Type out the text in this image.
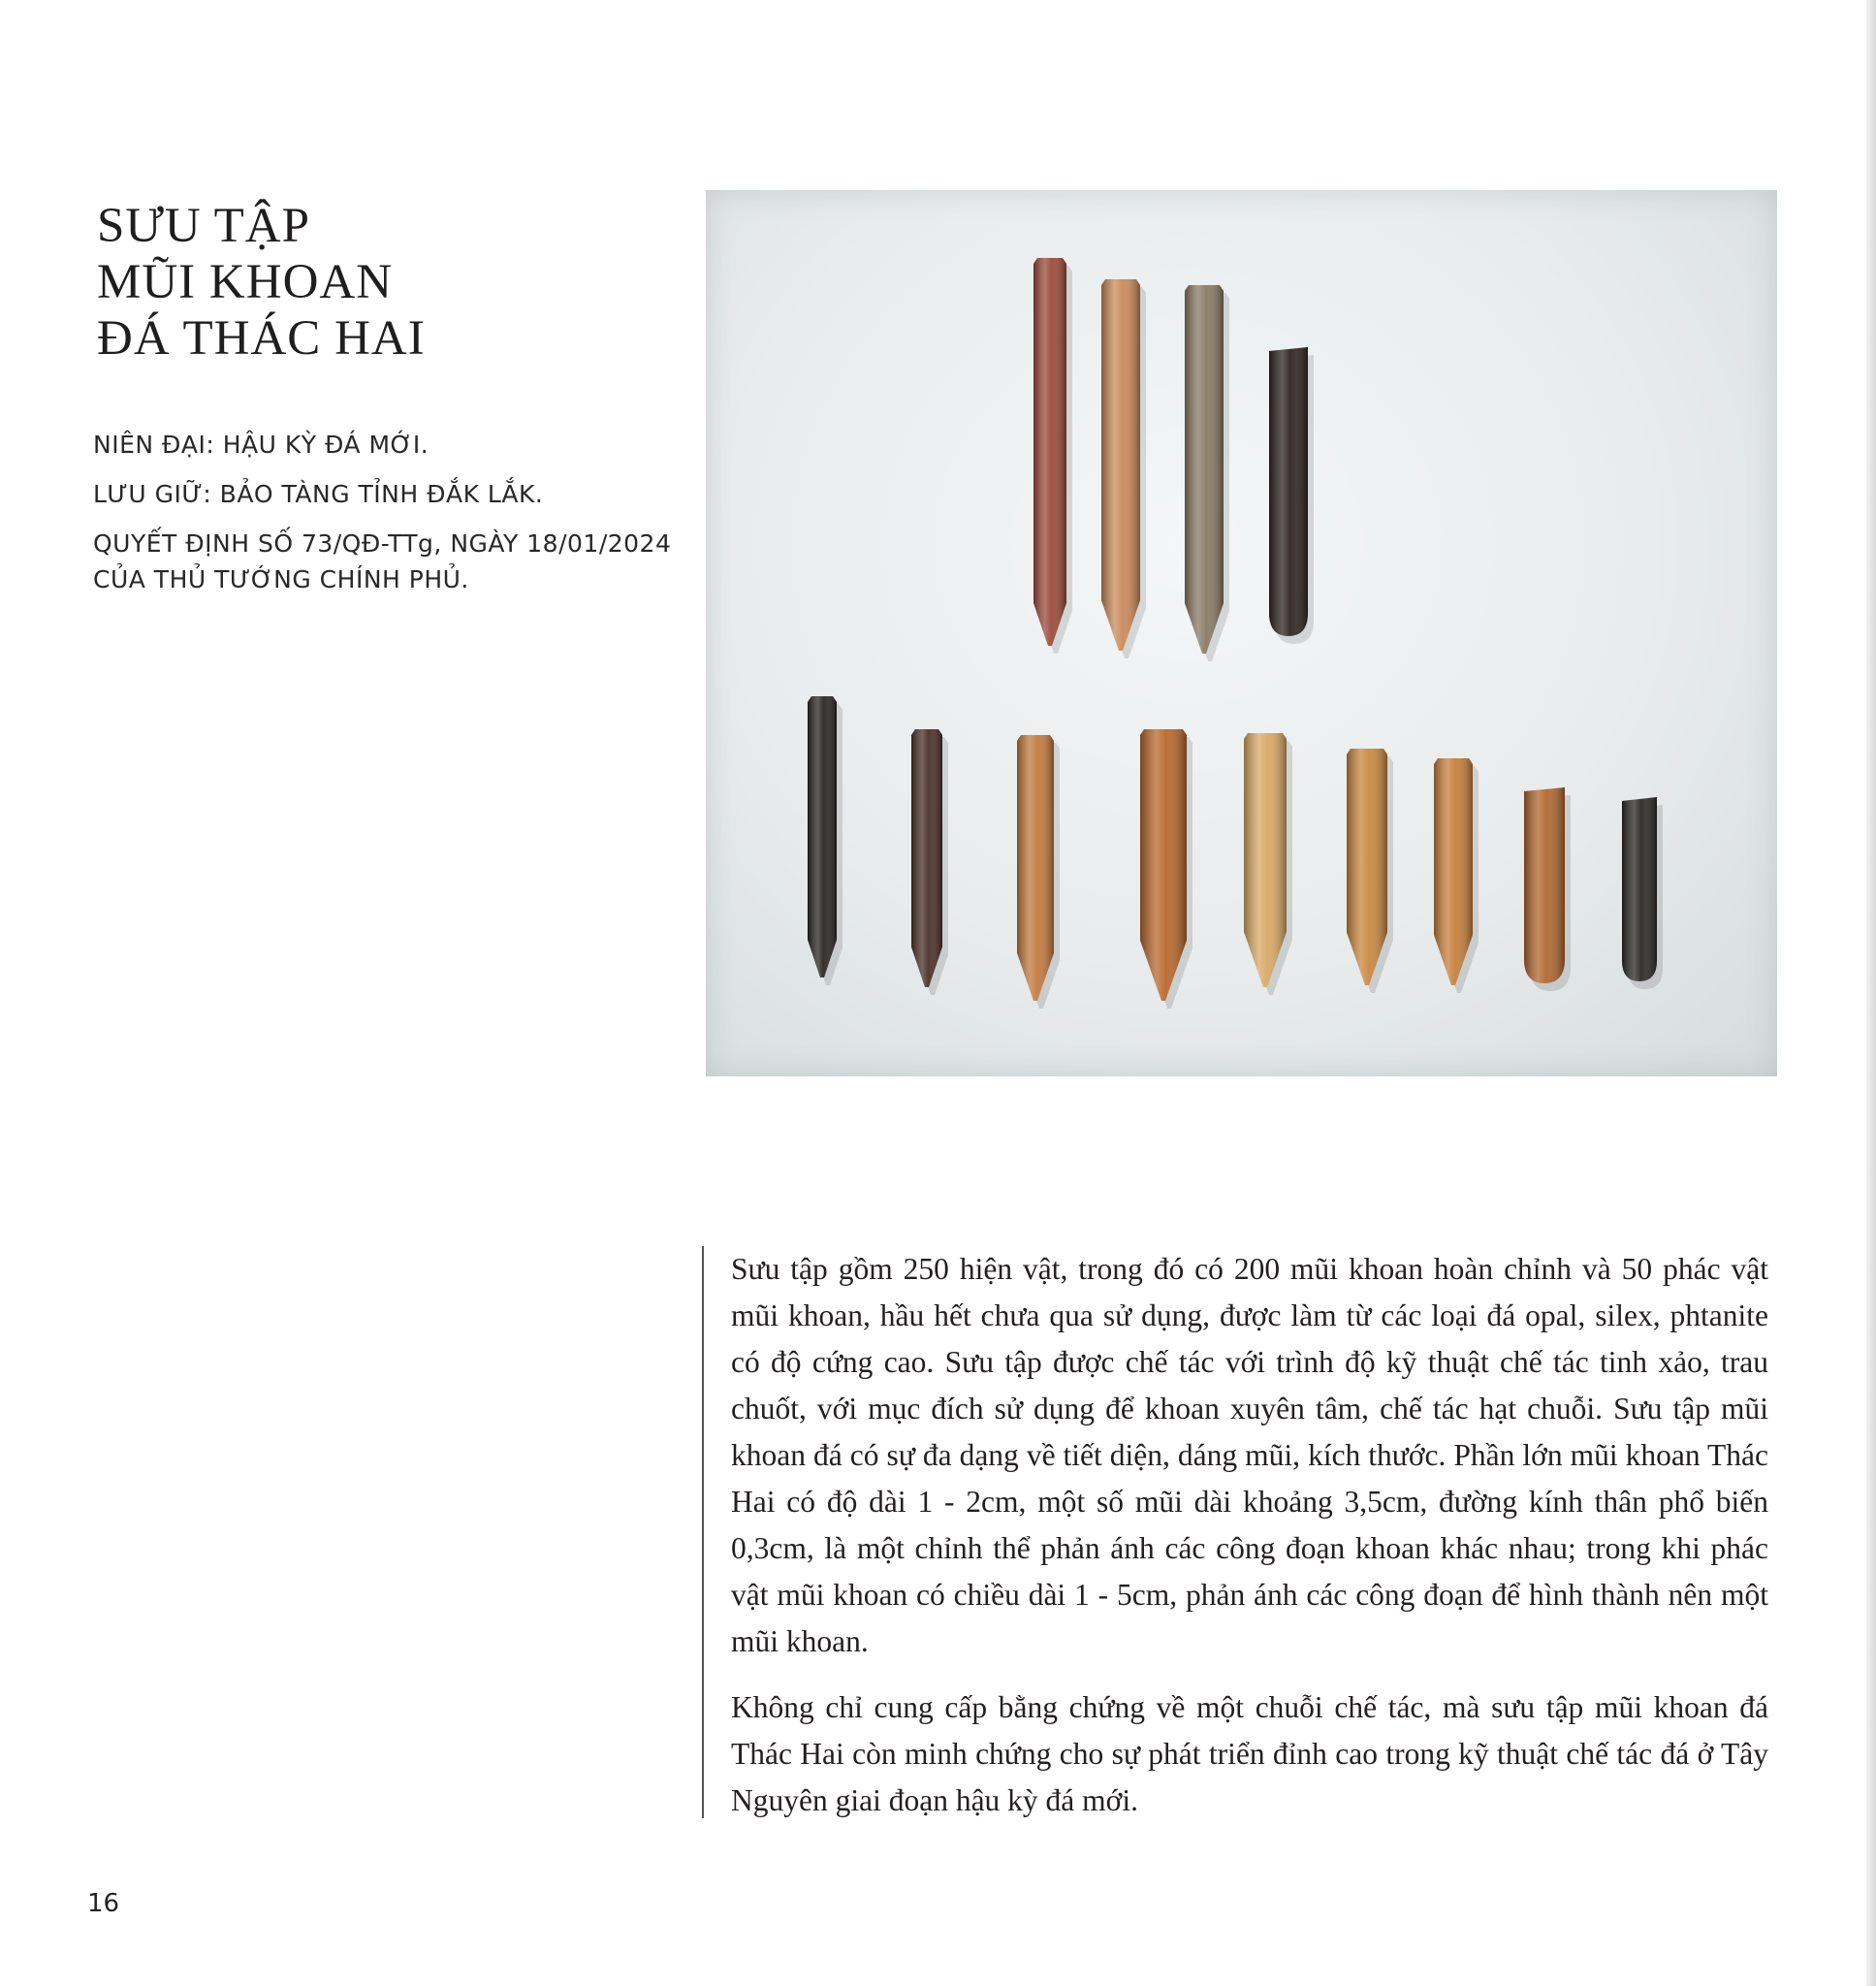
SƯU TẬP
MŨI KHOAN
ĐÁ THÁC HAI

NIÊN ĐẠI: HẬU KỲ ĐÁ MỚI.

LƯU GIỮ: BẢO TÀNG TỈNH ĐẮK LẮK.

QUYẾT ĐỊNH SỐ 73/QĐ-TTg, NGÀY 18/01/2024
CỦA THỦ TƯỚNG CHÍNH PHỦ.

Sưu tập gồm 250 hiện vật, trong đó có 200 mũi khoan hoàn chỉnh và 50 phác vật mũi khoan, hầu hết chưa qua sử dụng, được làm từ các loại đá opal, silex, phtanite có độ cứng cao. Sưu tập được chế tác với trình độ kỹ thuật chế tác tinh xảo, trau chuốt, với mục đích sử dụng để khoan xuyên tâm, chế tác hạt chuỗi. Sưu tập mũi khoan đá có sự đa dạng về tiết diện, dáng mũi, kích thước. Phần lớn mũi khoan Thác Hai có độ dài 1 - 2cm, một số mũi dài khoảng 3,5cm, đường kính thân phổ biến 0,3cm, là một chỉnh thể phản ánh các công đoạn khoan khác nhau; trong khi phác vật mũi khoan có chiều dài 1 - 5cm, phản ánh các công đoạn để hình thành nên một mũi khoan.

Không chỉ cung cấp bằng chứng về một chuỗi chế tác, mà sưu tập mũi khoan đá Thác Hai còn minh chứng cho sự phát triển đỉnh cao trong kỹ thuật chế tác đá ở Tây Nguyên giai đoạn hậu kỳ đá mới.

16
